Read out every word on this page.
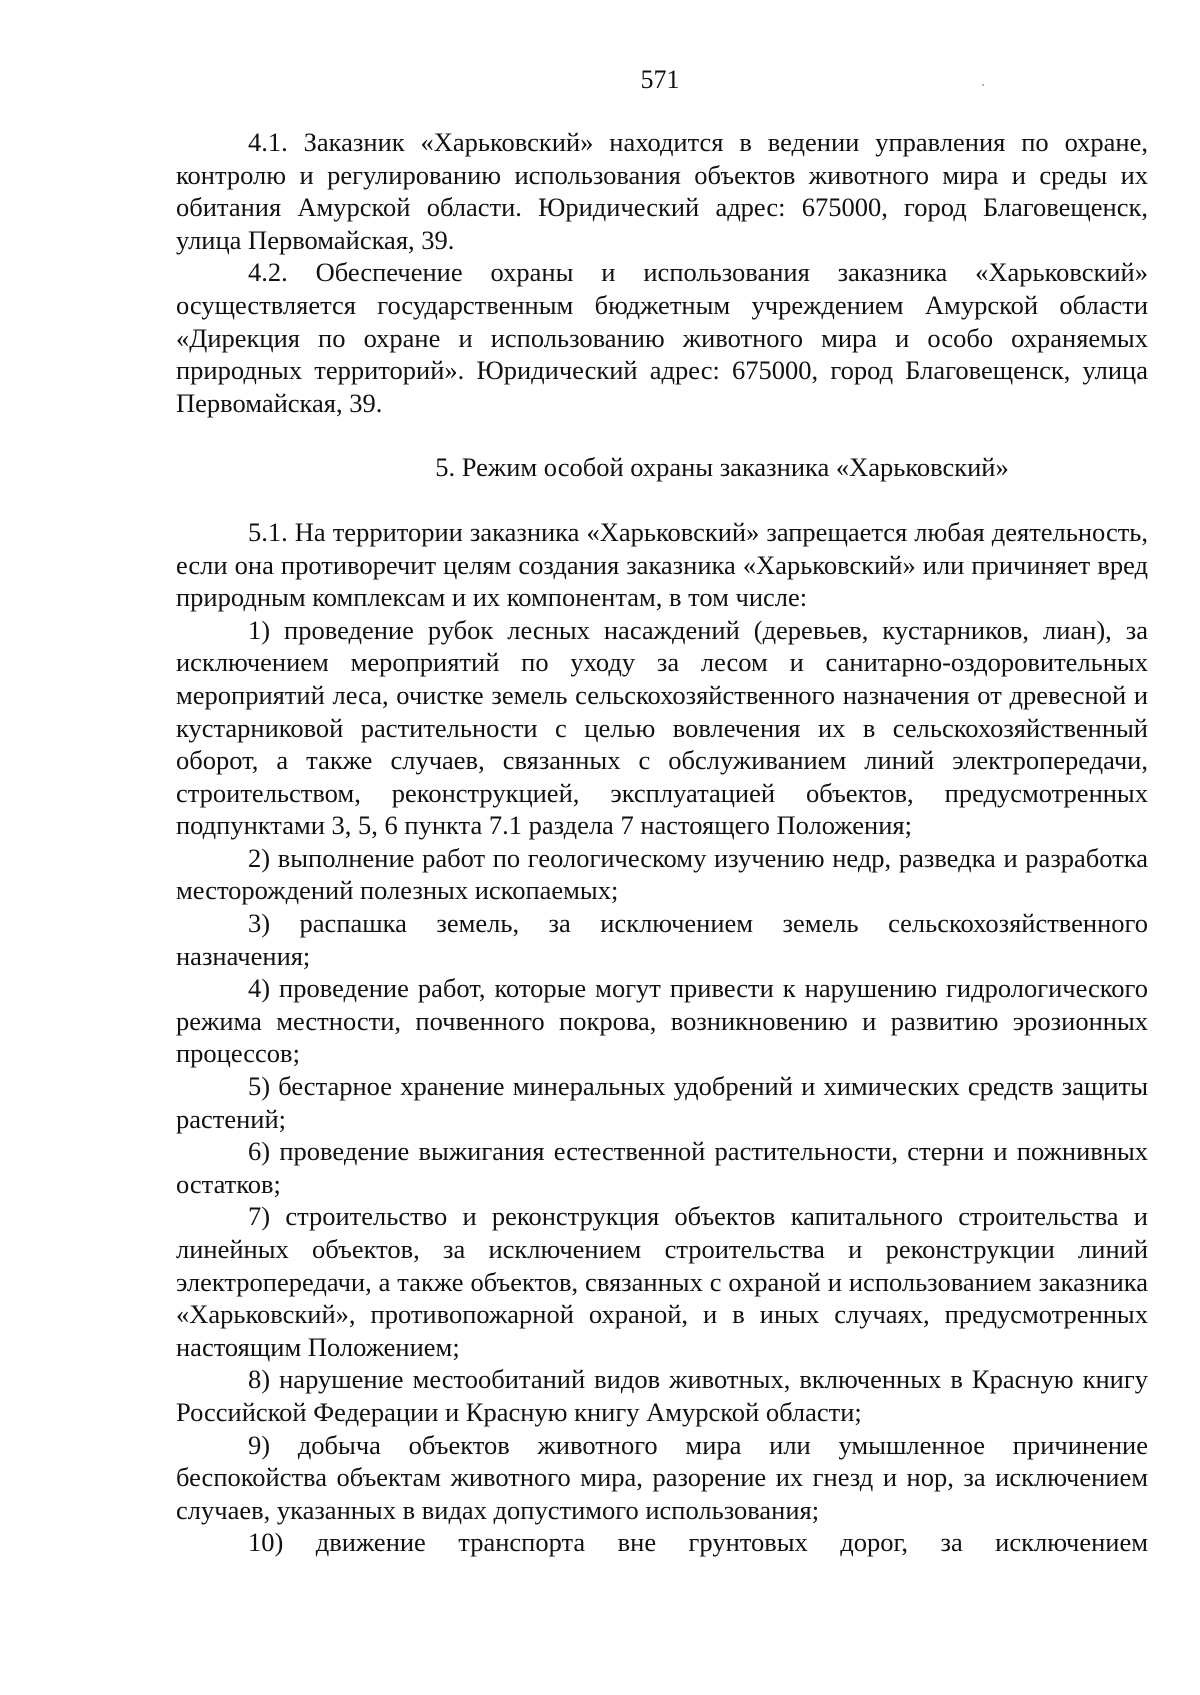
571

4.1. Заказник «Харьковский» находится в ведении управления по охране, контролю и регулированию использования объектов животного мира и среды их обитания Амурской области. Юридический адрес: 675000, город Благовещенск, улица Первомайская, 39.

4.2. Обеспечение охраны и использования заказника «Харьковский» осуществляется государственным бюджетным учреждением Амурской области «Дирекция по охране и использованию животного мира и особо охраняемых природных территорий». Юридический адрес: 675000, город Благовещенск, улица Первомайская, 39.

5. Режим особой охраны заказника «Харьковский»

5.1. На территории заказника «Харьковский» запрещается любая деятельность, если она противоречит целям создания заказника «Харьковский» или причиняет вред природным комплексам и их компонентам, в том числе:

1) проведение рубок лесных насаждений (деревьев, кустарников, лиан), за исключением мероприятий по уходу за лесом и санитарно-оздоровительных мероприятий леса, очистке земель сельскохозяйственного назначения от древесной и кустарниковой растительности с целью вовлечения их в сельскохозяйственный оборот, а также случаев, связанных с обслуживанием линий электропередачи, строительством, реконструкцией, эксплуатацией объектов, предусмотренных подпунктами 3, 5, 6 пункта 7.1 раздела 7 настоящего Положения;

2) выполнение работ по геологическому изучению недр, разведка и разработка месторождений полезных ископаемых;

3) распашка земель, за исключением земель сельскохозяйственного назначения;

4) проведение работ, которые могут привести к нарушению гидрологического режима местности, почвенного покрова, возникновению и развитию эрозионных процессов;

5) бестарное хранение минеральных удобрений и химических средств защиты растений;

6) проведение выжигания естественной растительности, стерни и пожнивных остатков;

7) строительство и реконструкция объектов капитального строительства и линейных объектов, за исключением строительства и реконструкции линий электропередачи, а также объектов, связанных с охраной и использованием заказника «Харьковский», противопожарной охраной, и в иных случаях, предусмотренных настоящим Положением;

8) нарушение местообитаний видов животных, включенных в Красную книгу Российской Федерации и Красную книгу Амурской области;

9) добыча объектов животного мира или умышленное причинение беспокойства объектам животного мира, разорение их гнезд и нор, за исключением случаев, указанных в видах допустимого использования;

10) движение транспорта вне грунтовых дорог, за исключением
